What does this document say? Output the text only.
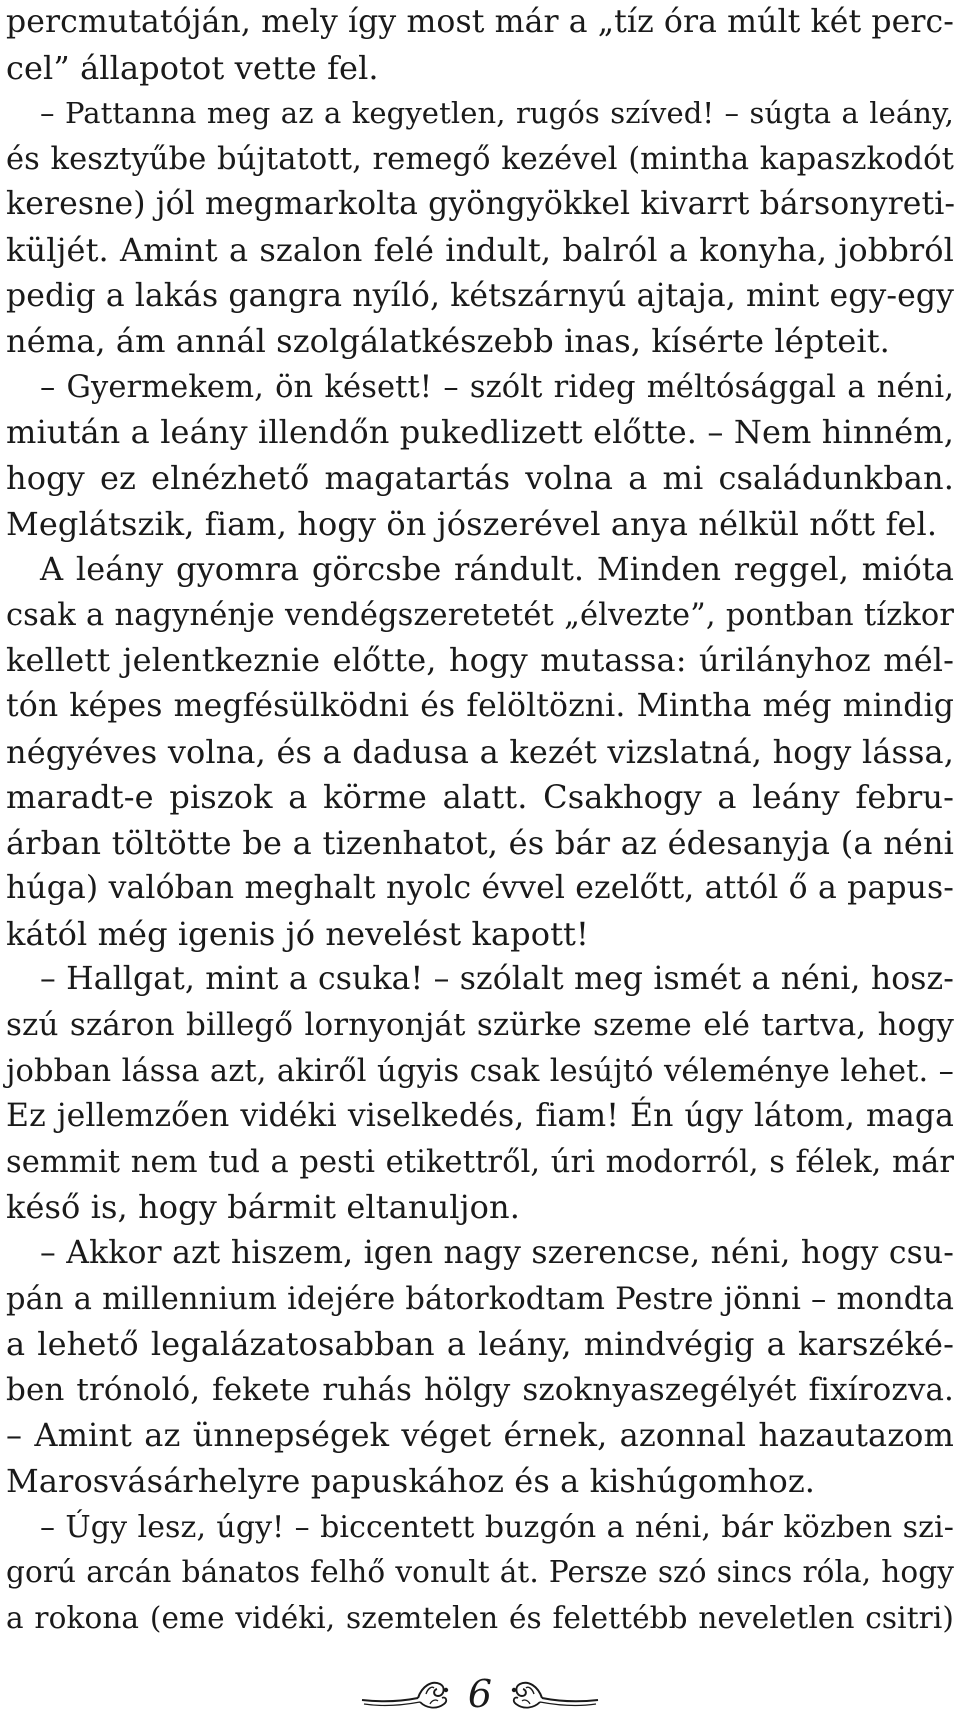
percmutatóján, mely így most már a „tíz óra múlt két perc-
cel” állapotot vette fel.
– Pattanna meg az a kegyetlen, rugós szíved! – súgta a leány,
és kesztyűbe bújtatott, remegő kezével (mintha kapaszkodót
keresne) jól megmarkolta gyöngyökkel kivarrt bársonyreti-
küljét. Amint a szalon felé indult, balról a konyha, jobbról
pedig a lakás gangra nyíló, kétszárnyú ajtaja, mint egy-egy
néma, ám annál szolgálatkészebb inas, kísérte lépteit.
– Gyermekem, ön késett! – szólt rideg méltósággal a néni,
miután a leány illendőn pukedlizett előtte. – Nem hinném,
hogy ez elnézhető magatartás volna a mi családunkban.
Meglátszik, fiam, hogy ön jószerével anya nélkül nőtt fel.
A leány gyomra görcsbe rándult. Minden reggel, mióta
csak a nagynénje vendégszeretetét „élvezte”, pontban tízkor
kellett jelentkeznie előtte, hogy mutassa: úrilányhoz mél-
tón képes megfésülködni és felöltözni. Mintha még mindig
négyéves volna, és a dadusa a kezét vizslatná, hogy lássa,
maradt-e piszok a körme alatt. Csakhogy a leány febru-
árban töltötte be a tizenhatot, és bár az édesanyja (a néni
húga) valóban meghalt nyolc évvel ezelőtt, attól ő a papus-
kától még igenis jó nevelést kapott!
– Hallgat, mint a csuka! – szólalt meg ismét a néni, hosz-
szú száron billegő lornyonját szürke szeme elé tartva, hogy
jobban lássa azt, akiről úgyis csak lesújtó véleménye lehet. –
Ez jellemzően vidéki viselkedés, fiam! Én úgy látom, maga
semmit nem tud a pesti etikettről, úri modorról, s félek, már
késő is, hogy bármit eltanuljon.
– Akkor azt hiszem, igen nagy szerencse, néni, hogy csu-
pán a millennium idejére bátorkodtam Pestre jönni – mondta
a lehető legalázatosabban a leány, mindvégig a karszéké-
ben trónoló, fekete ruhás hölgy szoknyaszegélyét fixírozva.
– Amint az ünnepségek véget érnek, azonnal hazautazom
Marosvásárhelyre papuskához és a kishúgomhoz.
– Úgy lesz, úgy! – biccentett buzgón a néni, bár közben szi-
gorú arcán bánatos felhő vonult át. Persze szó sincs róla, hogy
a rokona (eme vidéki, szemtelen és felettébb neveletlen csitri)
6
